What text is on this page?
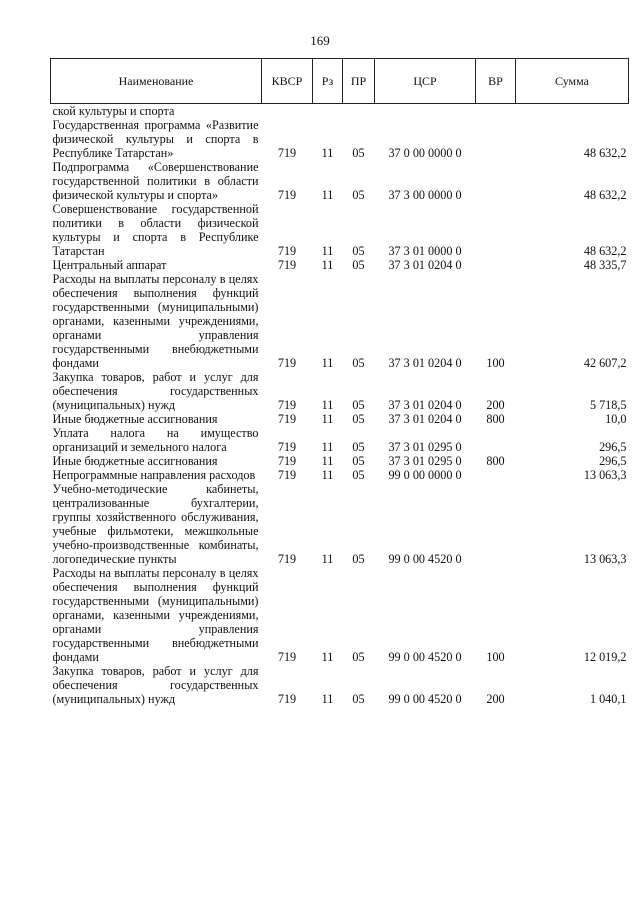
169
Наименование	КВСР	Рз	ПР	ЦСР	ВР	Сумма
ской культуры и спорта						
Государственная программа «Развитие физической культуры и спорта в Республике Татарстан»	719	11	05	37 0 00 0000 0		48 632,2
Подпрограмма «Совершенствование государственной политики в области физической культуры и спорта»	719	11	05	37 3 00 0000 0		48 632,2
Совершенствование государственной политики в области физической культуры и спорта в Республике Татарстан	719	11	05	37 3 01 0000 0		48 632,2
Центральный аппарат	719	11	05	37 3 01 0204 0		48 335,7
Расходы на выплаты персоналу в целях обеспечения выполнения функций государственными (муниципальными) органами, казенными учреждениями, органами управления государственными внебюджетными фондами	719	11	05	37 3 01 0204 0	100	42 607,2
Закупка товаров, работ и услуг для обеспечения государственных (муниципальных) нужд	719	11	05	37 3 01 0204 0	200	5 718,5
Иные бюджетные ассигнования	719	11	05	37 3 01 0204 0	800	10,0
Уплата налога на имущество организаций и земельного налога	719	11	05	37 3 01 0295 0		296,5
Иные бюджетные ассигнования	719	11	05	37 3 01 0295 0	800	296,5
Непрограммные направления расходов	719	11	05	99 0 00 0000 0		13 063,3
Учебно-методические кабинеты, централизованные бухгалтерии, группы хозяйственного обслуживания, учебные фильмотеки, межшкольные учебно-производственные комбинаты, логопедические пункты	719	11	05	99 0 00 4520 0		13 063,3
Расходы на выплаты персоналу в целях обеспечения выполнения функций государственными (муниципальными) органами, казенными учреждениями, органами управления государственными внебюджетными фондами	719	11	05	99 0 00 4520 0	100	12 019,2
Закупка товаров, работ и услуг для обеспечения государственных (муниципальных) нужд	719	11	05	99 0 00 4520 0	200	1 040,1
